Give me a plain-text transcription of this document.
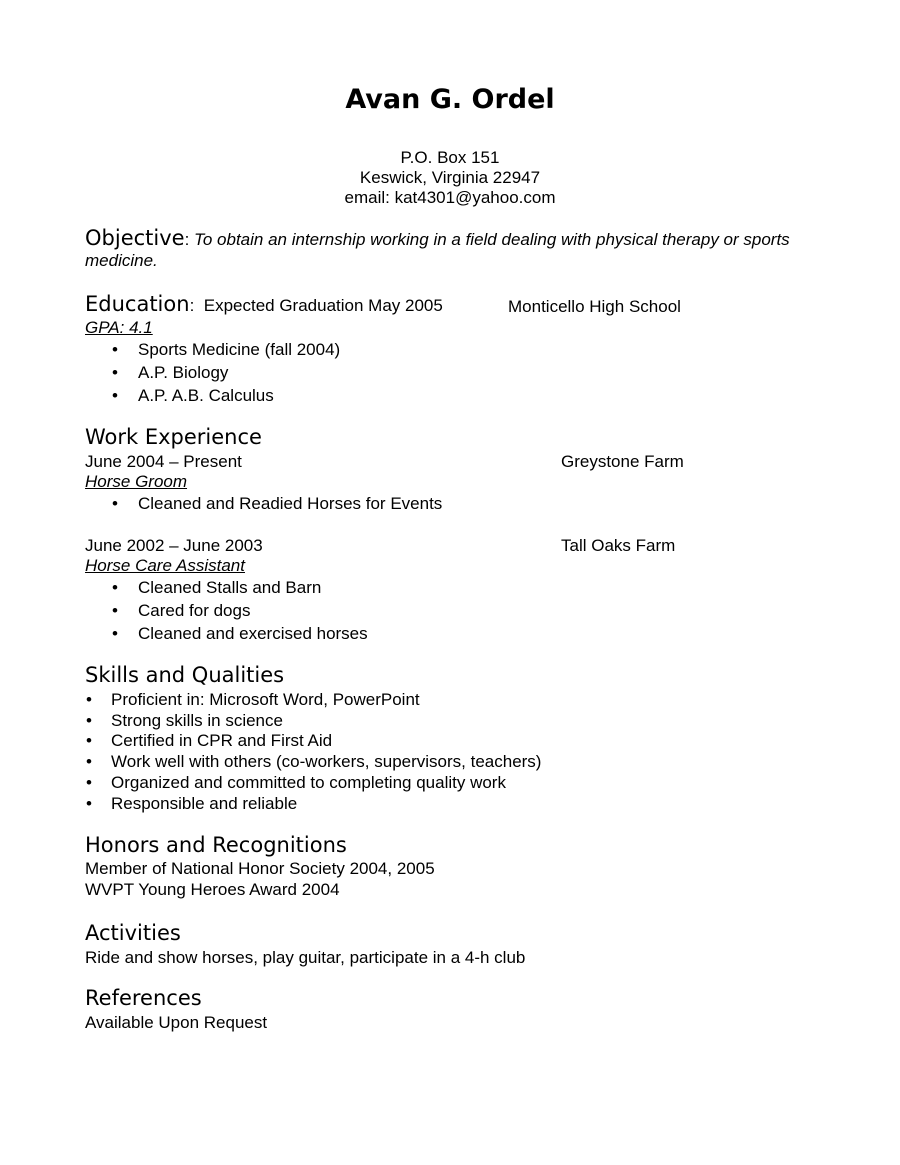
Avan G. Ordel
P.O. Box 151
Keswick, Virginia 22947
email: kat4301@yahoo.com
Objective: To obtain an internship working in a field dealing with physical therapy or sports medicine.
Education:  Expected Graduation May 2005	Monticello High School
GPA: 4.1
• Sports Medicine (fall 2004)
• A.P. Biology
• A.P. A.B. Calculus
Work Experience
June 2004 – Present	Greystone Farm
Horse Groom
• Cleaned and Readied Horses for Events
June 2002 – June 2003	Tall Oaks Farm
Horse Care Assistant
• Cleaned Stalls and Barn
• Cared for dogs
• Cleaned and exercised horses
Skills and Qualities
• Proficient in: Microsoft Word, PowerPoint
• Strong skills in science
• Certified in CPR and First Aid
• Work well with others (co-workers, supervisors, teachers)
• Organized and committed to completing quality work
• Responsible and reliable
Honors and Recognitions
Member of National Honor Society 2004, 2005
WVPT Young Heroes Award 2004
Activities
Ride and show horses, play guitar, participate in a 4-h club
References
Available Upon Request
